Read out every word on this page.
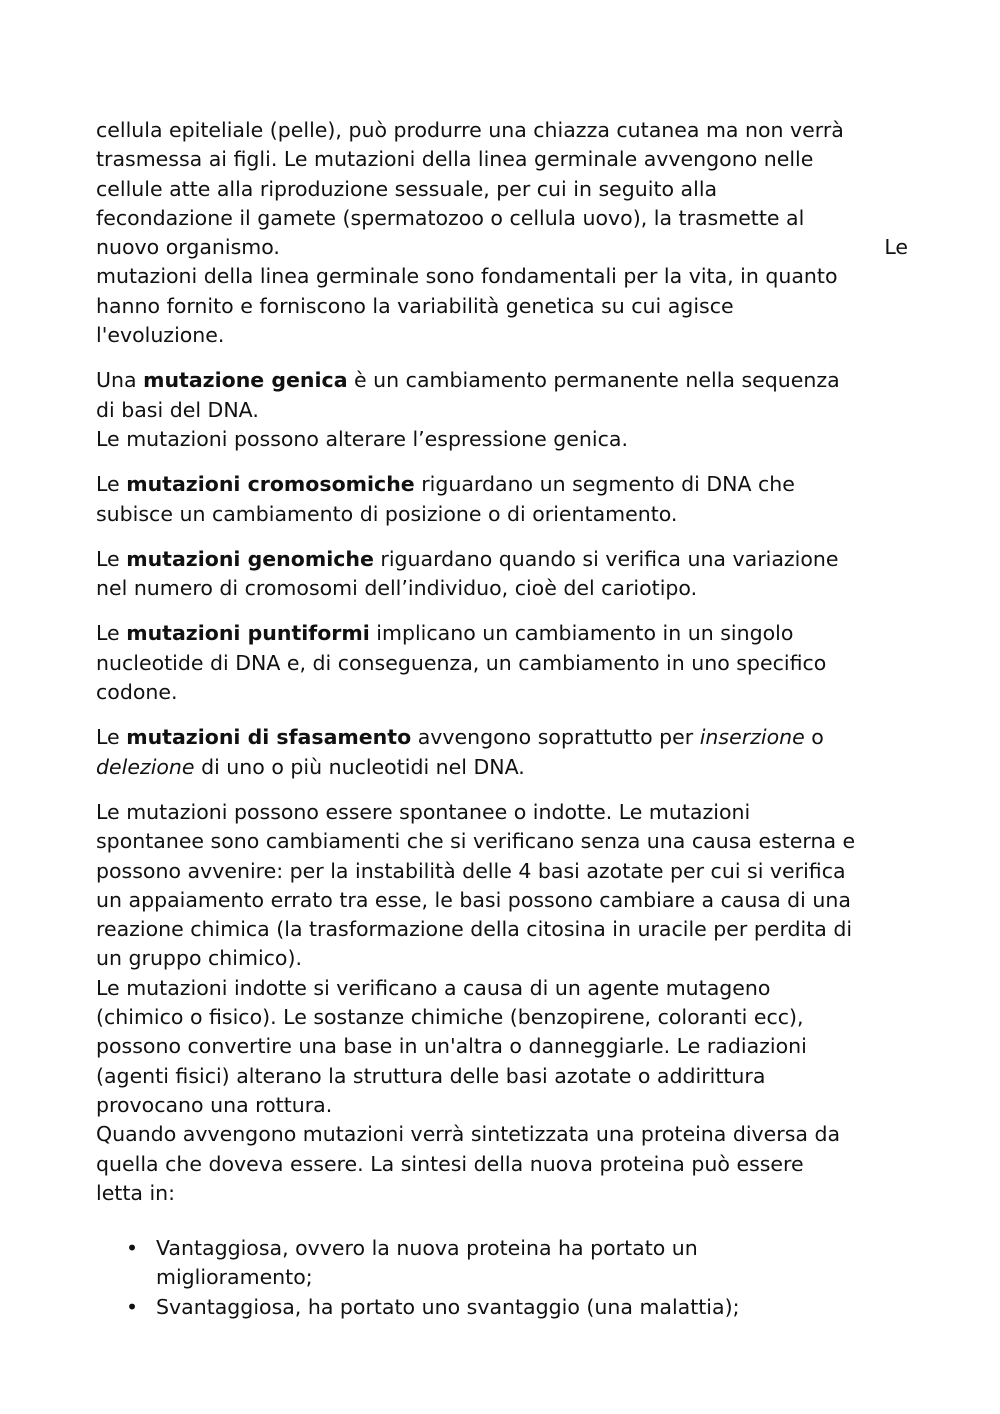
cellula epiteliale (pelle), può produrre una chiazza cutanea ma non verrà
trasmessa ai figli. Le mutazioni della linea germinale avvengono nelle
cellule atte alla riproduzione sessuale, per cui in seguito alla
fecondazione il gamete (spermatozoo o cellula uovo), la trasmette al
nuovo organismo.	Le
mutazioni della linea germinale sono fondamentali per la vita, in quanto
hanno fornito e forniscono la variabilità genetica su cui agisce
l'evoluzione.
Una mutazione genica è un cambiamento permanente nella sequenza
di basi del DNA.
Le mutazioni possono alterare l’espressione genica.
Le mutazioni cromosomiche riguardano un segmento di DNA che
subisce un cambiamento di posizione o di orientamento.
Le mutazioni genomiche riguardano quando si verifica una variazione
nel numero di cromosomi dell’individuo, cioè del cariotipo.
Le mutazioni puntiformi implicano un cambiamento in un singolo
nucleotide di DNA e, di conseguenza, un cambiamento in uno specifico
codone.
Le mutazioni di sfasamento avvengono soprattutto per inserzione o
delezione di uno o più nucleotidi nel DNA.
Le mutazioni possono essere spontanee o indotte. Le mutazioni
spontanee sono cambiamenti che si verificano senza una causa esterna e
possono avvenire: per la instabilità delle 4 basi azotate per cui si verifica
un appaiamento errato tra esse, le basi possono cambiare a causa di una
reazione chimica (la trasformazione della citosina in uracile per perdita di
un gruppo chimico).
Le mutazioni indotte si verificano a causa di un agente mutageno
(chimico o fisico). Le sostanze chimiche (benzopirene, coloranti ecc),
possono convertire una base in un'altra o danneggiarle. Le radiazioni
(agenti fisici) alterano la struttura delle basi azotate o addirittura
provocano una rottura.
Quando avvengono mutazioni verrà sintetizzata una proteina diversa da
quella che doveva essere. La sintesi della nuova proteina può essere
letta in:
• Vantaggiosa, ovvero la nuova proteina ha portato un
miglioramento;
• Svantaggiosa, ha portato uno svantaggio (una malattia);
